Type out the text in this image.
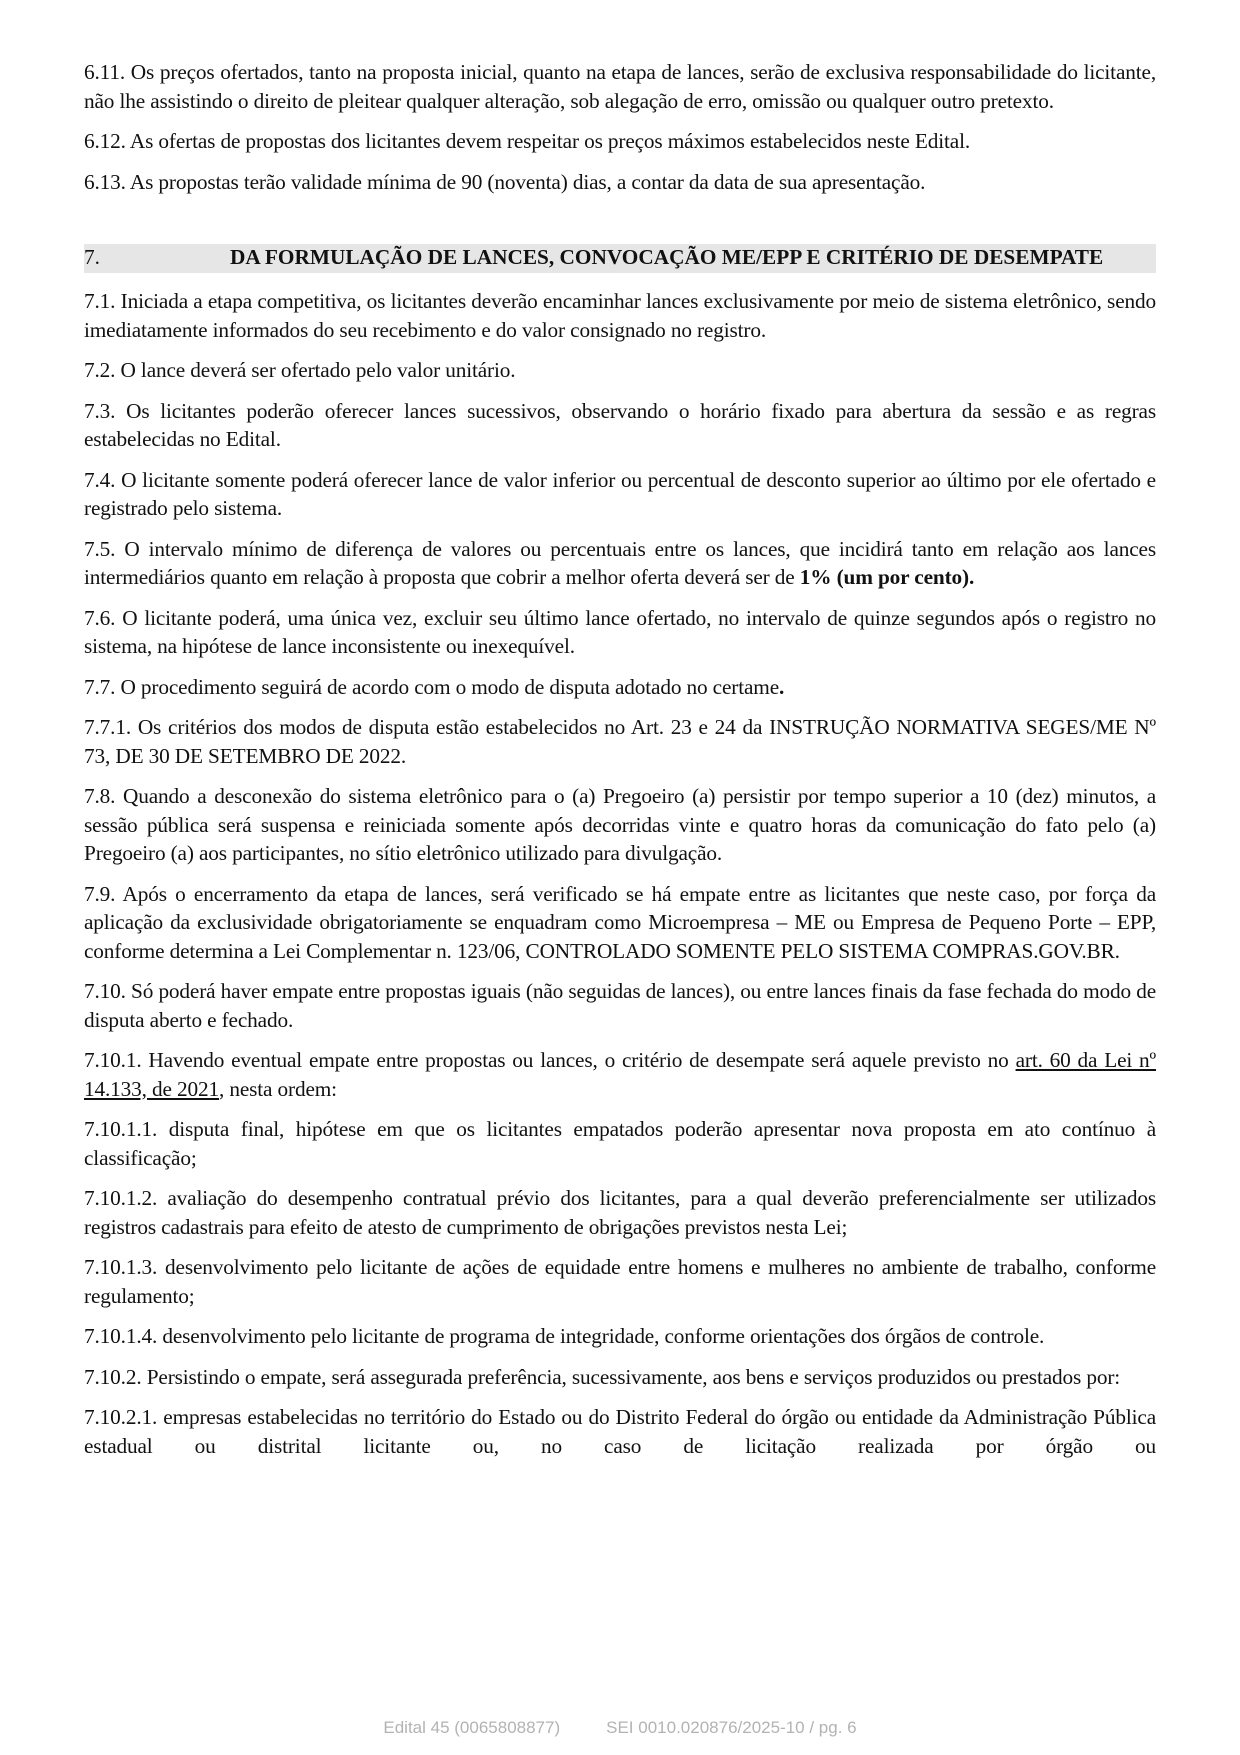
6.11. Os preços ofertados, tanto na proposta inicial, quanto na etapa de lances, serão de exclusiva responsabilidade do licitante, não lhe assistindo o direito de pleitear qualquer alteração, sob alegação de erro, omissão ou qualquer outro pretexto.

6.12. As ofertas de propostas dos licitantes devem respeitar os preços máximos estabelecidos neste Edital.

6.13. As propostas terão validade mínima de 90 (noventa) dias, a contar da data de sua apresentação.

7.	DA FORMULAÇÃO DE LANCES, CONVOCAÇÃO ME/EPP E CRITÉRIO DE DESEMPATE

7.1. Iniciada a etapa competitiva, os licitantes deverão encaminhar lances exclusivamente por meio de sistema eletrônico, sendo imediatamente informados do seu recebimento e do valor consignado no registro.

7.2. O lance deverá ser ofertado pelo valor unitário.

7.3. Os licitantes poderão oferecer lances sucessivos, observando o horário fixado para abertura da sessão e as regras estabelecidas no Edital.

7.4. O licitante somente poderá oferecer lance de valor inferior ou percentual de desconto superior ao último por ele ofertado e registrado pelo sistema.

7.5. O intervalo mínimo de diferença de valores ou percentuais entre os lances, que incidirá tanto em relação aos lances intermediários quanto em relação à proposta que cobrir a melhor oferta deverá ser de 1% (um por cento).

7.6. O licitante poderá, uma única vez, excluir seu último lance ofertado, no intervalo de quinze segundos após o registro no sistema, na hipótese de lance inconsistente ou inexequível.

7.7. O procedimento seguirá de acordo com o modo de disputa adotado no certame.

7.7.1. Os critérios dos modos de disputa estão estabelecidos no Art. 23 e 24 da INSTRUÇÃO NORMATIVA SEGES/ME Nº 73, DE 30 DE SETEMBRO DE 2022.

7.8. Quando a desconexão do sistema eletrônico para o (a) Pregoeiro (a) persistir por tempo superior a 10 (dez) minutos, a sessão pública será suspensa e reiniciada somente após decorridas vinte e quatro horas da comunicação do fato pelo (a) Pregoeiro (a) aos participantes, no sítio eletrônico utilizado para divulgação.

7.9. Após o encerramento da etapa de lances, será verificado se há empate entre as licitantes que neste caso, por força da aplicação da exclusividade obrigatoriamente se enquadram como Microempresa – ME ou Empresa de Pequeno Porte – EPP, conforme determina a Lei Complementar n. 123/06, CONTROLADO SOMENTE PELO SISTEMA COMPRAS.GOV.BR.

7.10. Só poderá haver empate entre propostas iguais (não seguidas de lances), ou entre lances finais da fase fechada do modo de disputa aberto e fechado.

7.10.1. Havendo eventual empate entre propostas ou lances, o critério de desempate será aquele previsto no art. 60 da Lei nº 14.133, de 2021, nesta ordem:

7.10.1.1. disputa final, hipótese em que os licitantes empatados poderão apresentar nova proposta em ato contínuo à classificação;

7.10.1.2. avaliação do desempenho contratual prévio dos licitantes, para a qual deverão preferencialmente ser utilizados registros cadastrais para efeito de atesto de cumprimento de obrigações previstos nesta Lei;

7.10.1.3. desenvolvimento pelo licitante de ações de equidade entre homens e mulheres no ambiente de trabalho, conforme regulamento;

7.10.1.4. desenvolvimento pelo licitante de programa de integridade, conforme orientações dos órgãos de controle.

7.10.2. Persistindo o empate, será assegurada preferência, sucessivamente, aos bens e serviços produzidos ou prestados por:

7.10.2.1. empresas estabelecidas no território do Estado ou do Distrito Federal do órgão ou entidade da Administração Pública estadual ou distrital licitante ou, no caso de licitação realizada por órgão ou

Edital 45 (0065808877)	SEI 0010.020876/2025-10 / pg. 6
